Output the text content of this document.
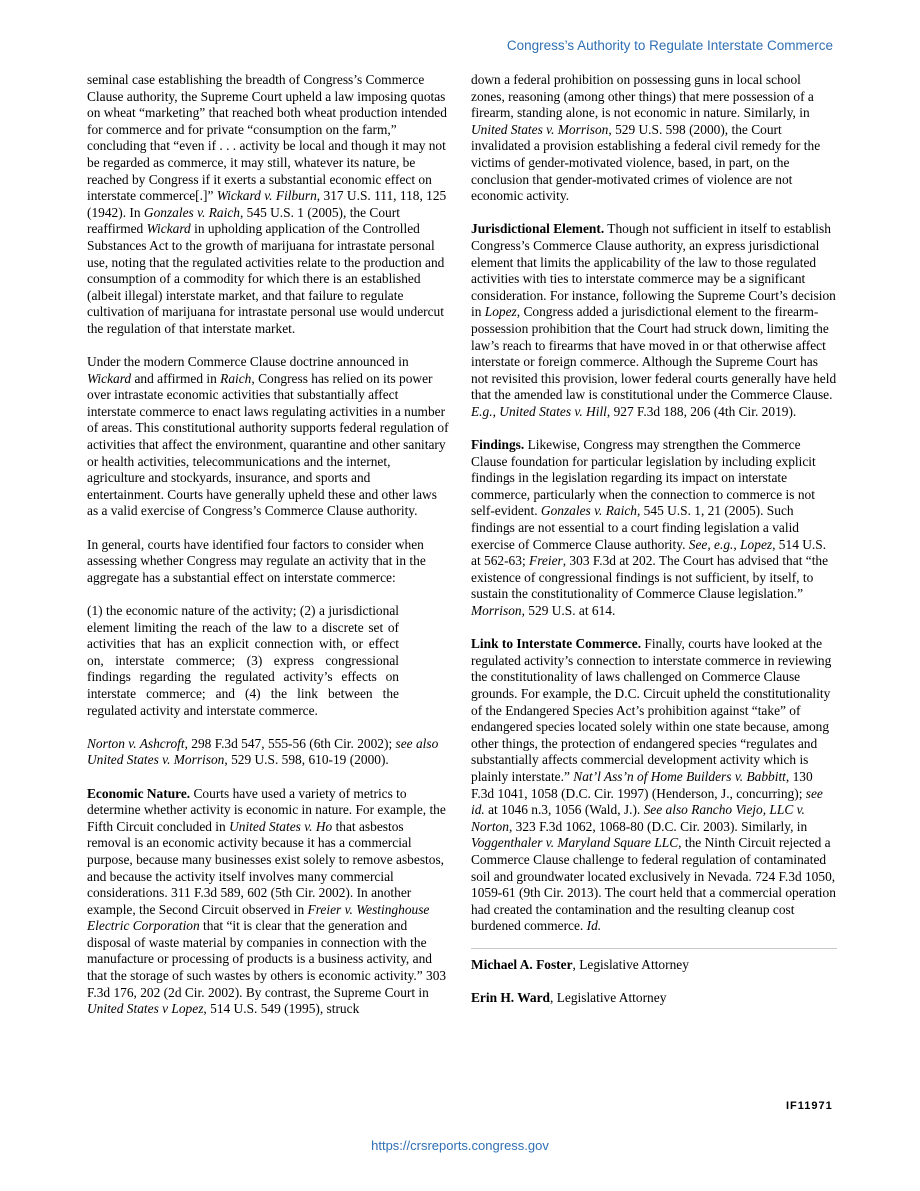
Congress’s Authority to Regulate Interstate Commerce

seminal case establishing the breadth of Congress’s Commerce Clause authority, the Supreme Court upheld a law imposing quotas on wheat “marketing” that reached both wheat production intended for commerce and for private “consumption on the farm,” concluding that “even if . . . activity be local and though it may not be regarded as commerce, it may still, whatever its nature, be reached by Congress if it exerts a substantial economic effect on interstate commerce[.]” Wickard v. Filburn, 317 U.S. 111, 118, 125 (1942). In Gonzales v. Raich, 545 U.S. 1 (2005), the Court reaffirmed Wickard in upholding application of the Controlled Substances Act to the growth of marijuana for intrastate personal use, noting that the regulated activities relate to the production and consumption of a commodity for which there is an established (albeit illegal) interstate market, and that failure to regulate cultivation of marijuana for intrastate personal use would undercut the regulation of that interstate market.

Under the modern Commerce Clause doctrine announced in Wickard and affirmed in Raich, Congress has relied on its power over intrastate economic activities that substantially affect interstate commerce to enact laws regulating activities in a number of areas. This constitutional authority supports federal regulation of activities that affect the environment, quarantine and other sanitary or health activities, telecommunications and the internet, agriculture and stockyards, insurance, and sports and entertainment. Courts have generally upheld these and other laws as a valid exercise of Congress’s Commerce Clause authority.

In general, courts have identified four factors to consider when assessing whether Congress may regulate an activity that in the aggregate has a substantial effect on interstate commerce:

(1) the economic nature of the activity; (2) a jurisdictional element limiting the reach of the law to a discrete set of activities that has an explicit connection with, or effect on, interstate commerce; (3) express congressional findings regarding the regulated activity’s effects on interstate commerce; and (4) the link between the regulated activity and interstate commerce.

Norton v. Ashcroft, 298 F.3d 547, 555-56 (6th Cir. 2002); see also United States v. Morrison, 529 U.S. 598, 610-19 (2000).

Economic Nature. Courts have used a variety of metrics to determine whether activity is economic in nature. For example, the Fifth Circuit concluded in United States v. Ho that asbestos removal is an economic activity because it has a commercial purpose, because many businesses exist solely to remove asbestos, and because the activity itself involves many commercial considerations. 311 F.3d 589, 602 (5th Cir. 2002). In another example, the Second Circuit observed in Freier v. Westinghouse Electric Corporation that “it is clear that the generation and disposal of waste material by companies in connection with the manufacture or processing of products is a business activity, and that the storage of such wastes by others is economic activity.” 303 F.3d 176, 202 (2d Cir. 2002). By contrast, the Supreme Court in United States v Lopez, 514 U.S. 549 (1995), struck

down a federal prohibition on possessing guns in local school zones, reasoning (among other things) that mere possession of a firearm, standing alone, is not economic in nature. Similarly, in United States v. Morrison, 529 U.S. 598 (2000), the Court invalidated a provision establishing a federal civil remedy for the victims of gender-motivated violence, based, in part, on the conclusion that gender-motivated crimes of violence are not economic activity.

Jurisdictional Element. Though not sufficient in itself to establish Congress’s Commerce Clause authority, an express jurisdictional element that limits the applicability of the law to those regulated activities with ties to interstate commerce may be a significant consideration. For instance, following the Supreme Court’s decision in Lopez, Congress added a jurisdictional element to the firearm-possession prohibition that the Court had struck down, limiting the law’s reach to firearms that have moved in or that otherwise affect interstate or foreign commerce. Although the Supreme Court has not revisited this provision, lower federal courts generally have held that the amended law is constitutional under the Commerce Clause. E.g., United States v. Hill, 927 F.3d 188, 206 (4th Cir. 2019).

Findings. Likewise, Congress may strengthen the Commerce Clause foundation for particular legislation by including explicit findings in the legislation regarding its impact on interstate commerce, particularly when the connection to commerce is not self-evident. Gonzales v. Raich, 545 U.S. 1, 21 (2005). Such findings are not essential to a court finding legislation a valid exercise of Commerce Clause authority. See, e.g., Lopez, 514 U.S. at 562-63; Freier, 303 F.3d at 202. The Court has advised that “the existence of congressional findings is not sufficient, by itself, to sustain the constitutionality of Commerce Clause legislation.” Morrison, 529 U.S. at 614.

Link to Interstate Commerce. Finally, courts have looked at the regulated activity’s connection to interstate commerce in reviewing the constitutionality of laws challenged on Commerce Clause grounds. For example, the D.C. Circuit upheld the constitutionality of the Endangered Species Act’s prohibition against “take” of endangered species located solely within one state because, among other things, the protection of endangered species “regulates and substantially affects commercial development activity which is plainly interstate.” Nat’l Ass’n of Home Builders v. Babbitt, 130 F.3d 1041, 1058 (D.C. Cir. 1997) (Henderson, J., concurring); see id. at 1046 n.3, 1056 (Wald, J.). See also Rancho Viejo, LLC v. Norton, 323 F.3d 1062, 1068-80 (D.C. Cir. 2003). Similarly, in Voggenthaler v. Maryland Square LLC, the Ninth Circuit rejected a Commerce Clause challenge to federal regulation of contaminated soil and groundwater located exclusively in Nevada. 724 F.3d 1050, 1059-61 (9th Cir. 2013). The court held that a commercial operation had created the contamination and the resulting cleanup cost burdened commerce. Id.

Michael A. Foster, Legislative Attorney

Erin H. Ward, Legislative Attorney

IF11971
https://crsreports.congress.gov
